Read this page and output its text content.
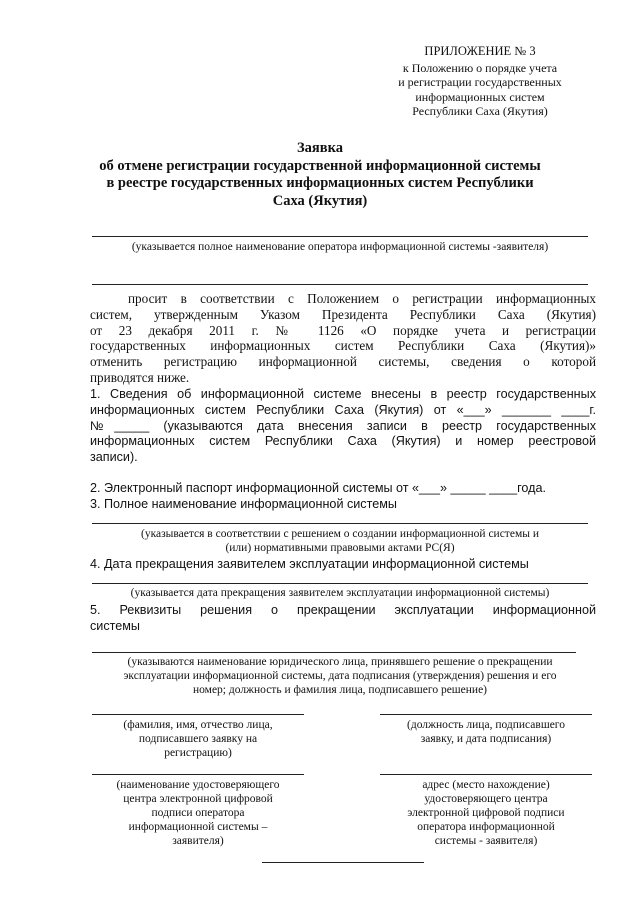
ПРИЛОЖЕНИЕ № 3
к Положению о порядке учета
и регистрации государственных
информационных систем
Республики Саха (Якутия)
Заявка
об отмене регистрации государственной информационной системы
в реестре государственных информационных систем Республики
Саха (Якутия)
(указывается полное наименование оператора информационной системы -заявителя)
просит в соответствии с Положением о регистрации информационных
систем, утвержденным Указом Президента Республики Саха (Якутия)
от 23 декабря 2011 г. № 1126 «О порядке учета и регистрации
государственных информационных систем Республики Саха (Якутия)»
отменить регистрацию информационной системы, сведения о которой
приводятся ниже.
1. Сведения об информационной системе внесены в реестр государственных
информационных систем Республики Саха (Якутия) от «___» _______ ____г.
№_____ (указываются дата внесения записи в реестр государственных
информационных систем Республики Саха (Якутия) и номер реестровой
записи).
2. Электронный паспорт информационной системы от «___» _____ ____года.
3. Полное наименование информационной системы
(указывается в соответствии с решением о создании информационной системы и
(или) нормативными правовыми актами РС(Я)
4. Дата прекращения заявителем эксплуатации информационной системы
(указывается дата прекращения заявителем эксплуатации информационной системы)
5. Реквизиты решения о прекращении эксплуатации информационной
системы
(указываются наименование юридического лица, принявшего решение о прекращении
эксплуатации информационной системы, дата подписания (утверждения) решения и его
номер; должность и фамилия лица, подписавшего решение)
(фамилия, имя, отчество лица,
подписавшего заявку на
регистрацию)
(должность лица, подписавшего
заявку, и дата подписания)
(наименование удостоверяющего
центра электронной цифровой
подписи оператора
информационной системы –
заявителя)
адрес (место нахождение)
удостоверяющего центра
электронной цифровой подписи
оператора информационной
системы - заявителя)
